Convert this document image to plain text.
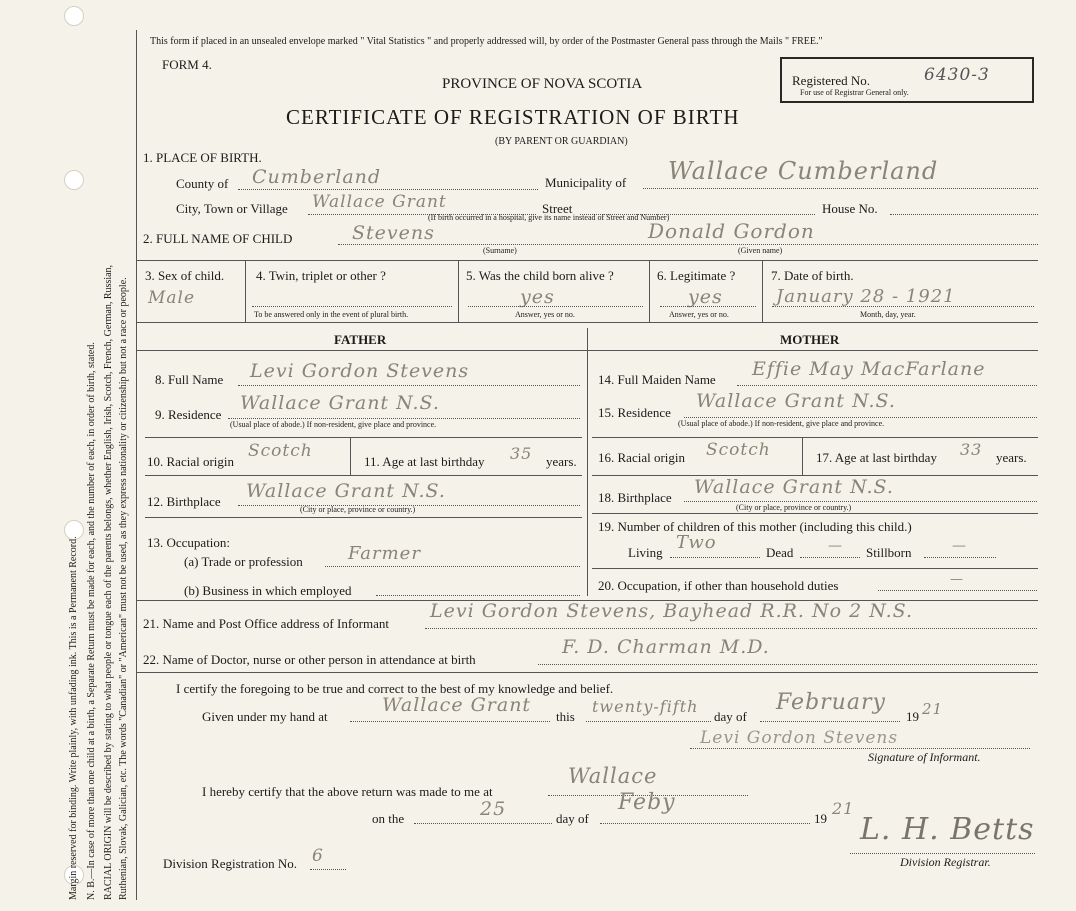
Margin reserved for binding. Write plainly, with unfading ink. This is a Permanent Record. N. B.—In case of more than one child at a birth, a Separate Return must be made for each, and the number of each, in order of birth, stated. RACIAL ORIGIN will be described by stating to what people or tongue each of the parents belongs, whether English, Irish, Scotch, French, German, Russian, Ruthenian, Slovak, Galician, etc. The words "Canadian" or "American" must not be used, as they express nationality or citizenship but not a race or people.
This form if placed in an unsealed envelope marked " Vital Statistics " and properly addressed will, by order of the Postmaster General pass through the Mails " FREE."
FORM 4.
PROVINCE OF NOVA SCOTIA
CERTIFICATE OF REGISTRATION OF BIRTH
(BY PARENT OR GUARDIAN)
Registered No.	6430-3
For use of Registrar General only.
1. PLACE OF BIRTH.
County of Cumberland	Municipality of Wallace Cumberland
City, Town or Village Wallace Grant	Street	House No.
(If birth occurred in a hospital, give its name instead of Street and Number)
2. FULL NAME OF CHILD	Stevens
(Surname)
Donald Gordon
(Given name)
3. Sex of child.
Male
4. Twin, triplet or other ?
To be answered only in the event of plural birth.
5. Was the child born alive ?
yes
Answer, yes or no.
6. Legitimate ?
yes
Answer, yes or no.
7. Date of birth.
January 28 - 1921
Month, day, year.
FATHER	MOTHER
8. Full Name Levi Gordon Stevens
9. Residence
Wallace Grant N.S.
(Usual place of abode.) If non-resident, give place and province.
10. Racial origin
Scotch
11. Age at last birthday 35 years.
12. Birthplace Wallace Grant N.S.
(City or place, province or country.)
13. Occupation:
(a) Trade or profession	Farmer
(b) Business in which employed
14. Full Maiden Name Effie May MacFarlane
15. Residence
Wallace Grant N.S.
(Usual place of abode.) If non-resident, give place and province.
16. Racial origin Scotch	17. Age at last birthday 33 years.
18. Birthplace Wallace Grant N.S.
(City or place, province or country.)
19. Number of children of this mother (including this child.)
Living Two	Dead — Stillborn	—
20. Occupation, if other than household duties	—
21. Name and Post Office address of Informant
Levi Gordon Stevens, Bayhead R.R. No 2 N.S.
22. Name of Doctor, nurse or other person in attendance at birth
F. D. Charman M.D.
I certify the foregoing to be true and correct to the best of my knowledge and belief.
Given under my hand at
Wallace Grant
this
twenty-fifth
day of
February
19 21
Levi Gordon Stevens
Signature of Informant.
I hereby certify that the above return was made to me at
Wallace
on the	25	day of
Feby
19
21
Division Registration No. 6
L. H. Betts
Division Registrar.
